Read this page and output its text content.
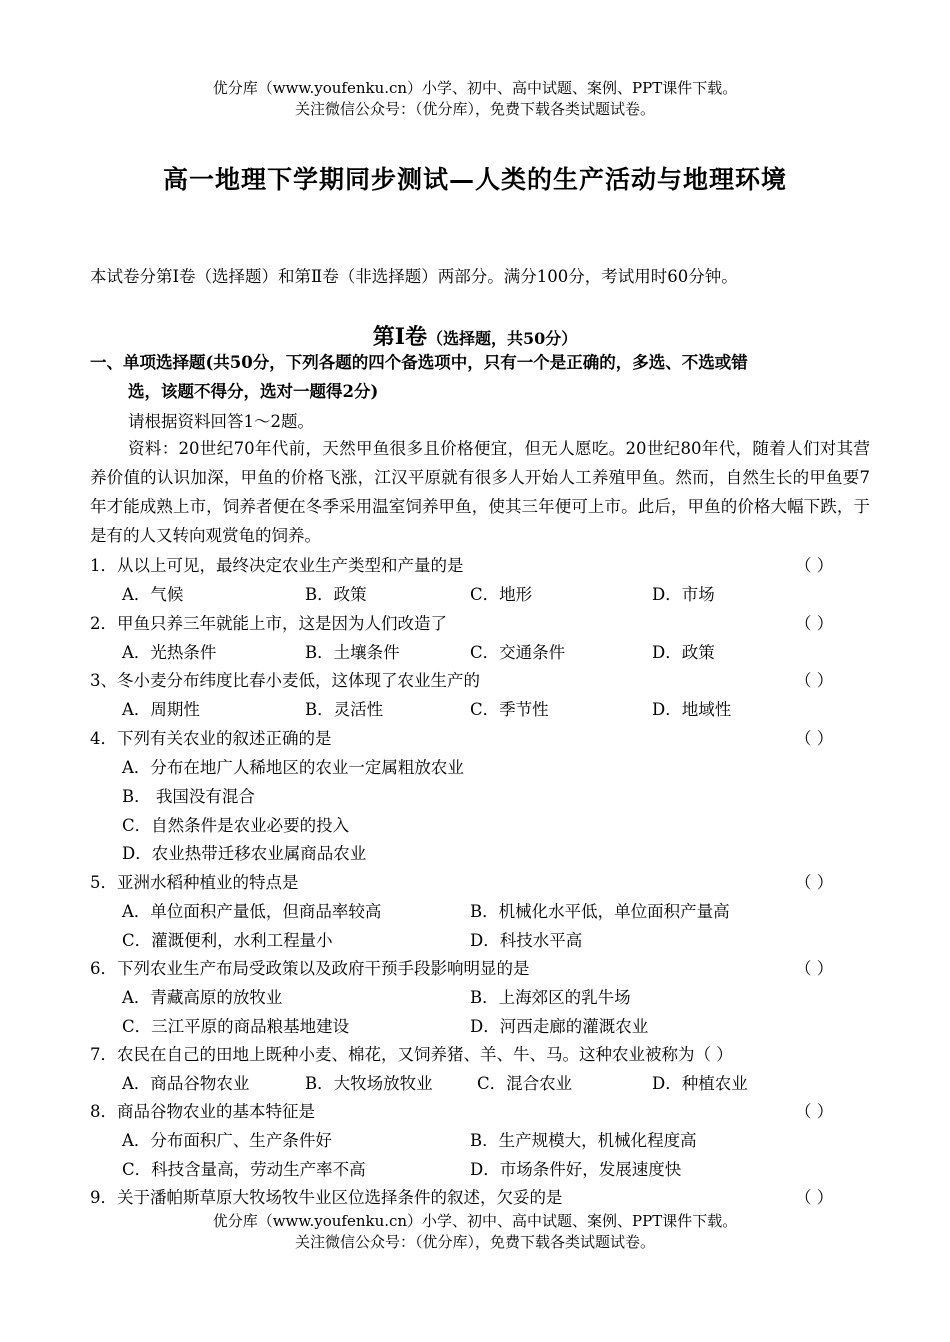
优分库（www.youfenku.cn）小学、初中、高中试题、案例、PPT课件下载。
关注微信公众号：（优分库），免费下载各类试题试卷。
高一地理下学期同步测试—人类的生产活动与地理环境
本试卷分第Ⅰ卷（选择题）和第Ⅱ卷（非选择题）两部分。满分100分，考试用时60分钟。
第Ⅰ卷（选择题，共50分）
一、单项选择题(共50分，下列各题的四个备选项中，只有一个是正确的，多选、不选或错
选，该题不得分，选对一题得2分)
请根据资料回答1～2题。
资料：20世纪70年代前，天然甲鱼很多且价格便宜，但无人愿吃。20世纪80年代，随着人们对其营养价值的认识加深，甲鱼的价格飞涨，江汉平原就有很多人开始人工养殖甲鱼。然而，自然生长的甲鱼要7年才能成熟上市，饲养者便在冬季采用温室饲养甲鱼，使其三年便可上市。此后，甲鱼的价格大幅下跌，于是有的人又转向观赏龟的饲养。
1．从以上可见，最终决定农业生产类型和产量的是	（ ）
A．气候	B．政策	C．地形	D．市场
2．甲鱼只养三年就能上市，这是因为人们改造了	（ ）
A．光热条件	B．土壤条件	C．交通条件	D．政策
3、冬小麦分布纬度比春小麦低，这体现了农业生产的	（ ）
A．周期性	B．灵活性	C．季节性	D．地域性
4．下列有关农业的叙述正确的是	（ ）
A．分布在地广人稀地区的农业一定属粗放农业
B． 我国没有混合
C．自然条件是农业必要的投入
D．农业热带迁移农业属商品农业
5．亚洲水稻种植业的特点是	（ ）
A．单位面积产量低，但商品率较高	B．机械化水平低，单位面积产量高
C．灌溉便利，水利工程量小	D．科技水平高
6．下列农业生产布局受政策以及政府干预手段影响明显的是	（ ）
A．青藏高原的放牧业	B．上海郊区的乳牛场
C．三江平原的商品粮基地建设	D．河西走廊的灌溉农业
7．农民在自己的田地上既种小麦、棉花，又饲养猪、羊、牛、马。这种农业被称为（ ）
A．商品谷物农业	B．大牧场放牧业	C．混合农业	D．种植农业
8．商品谷物农业的基本特征是	（ ）
A．分布面积广、生产条件好	B．生产规模大，机械化程度高
C．科技含量高，劳动生产率不高	D．市场条件好，发展速度快
9．关于潘帕斯草原大牧场牧牛业区位选择条件的叙述，欠妥的是	（ ）
优分库（www.youfenku.cn）小学、初中、高中试题、案例、PPT课件下载。
关注微信公众号：（优分库），免费下载各类试题试卷。
